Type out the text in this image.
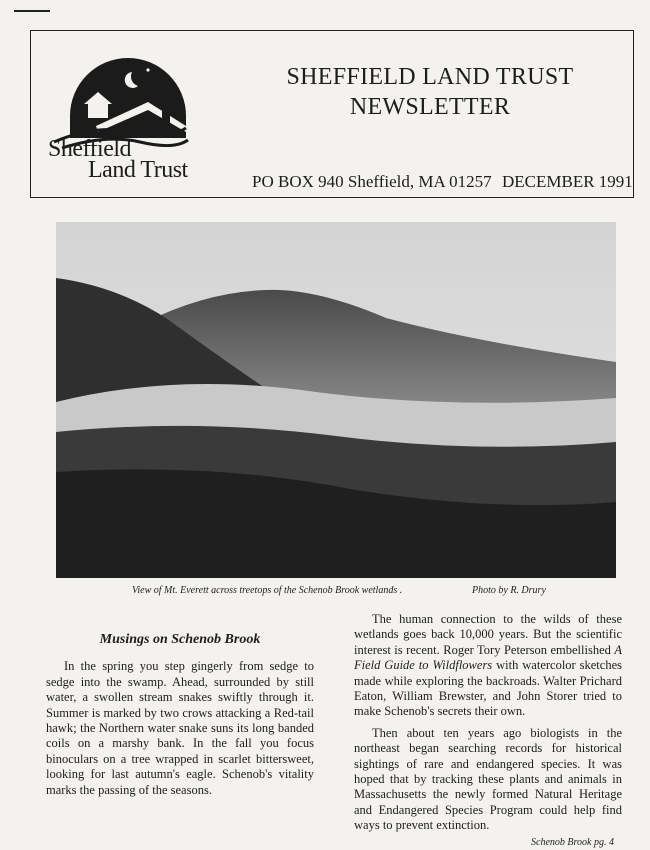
Sheffield
Land Trust
SHEFFIELD LAND TRUST
NEWSLETTER
PO BOX 940 Sheffield, MA 01257 DECEMBER 1991
View of Mt. Everett across treetops of the Schenob Brook wetlands .	Photo by R. Drury
Musings on Schenob Brook

In the spring you step gingerly from sedge to sedge into the swamp. Ahead, surrounded by still water, a swollen stream snakes swiftly through it. Summer is marked by two crows attacking a Red-tail hawk; the Northern water snake suns its long banded coils on a marshy bank. In the fall you focus binoculars on a tree wrapped in scarlet bittersweet, looking for last autumn's eagle. Schenob's vitality marks the passing of the seasons.

The human connection to the wilds of these wetlands goes back 10,000 years. But the scientific interest is recent. Roger Tory Peterson embellished A Field Guide to Wildflowers with watercolor sketches made while exploring the backroads. Walter Prichard Eaton, William Brewster, and John Storer tried to make Schenob's secrets their own.

Then about ten years ago biologists in the northeast began searching records for historical sightings of rare and endangered species. It was hoped that by tracking these plants and animals in Massachusetts the newly formed Natural Heritage and Endangered Species Program could help find ways to prevent extinction.

Schenob Brook pg. 4
